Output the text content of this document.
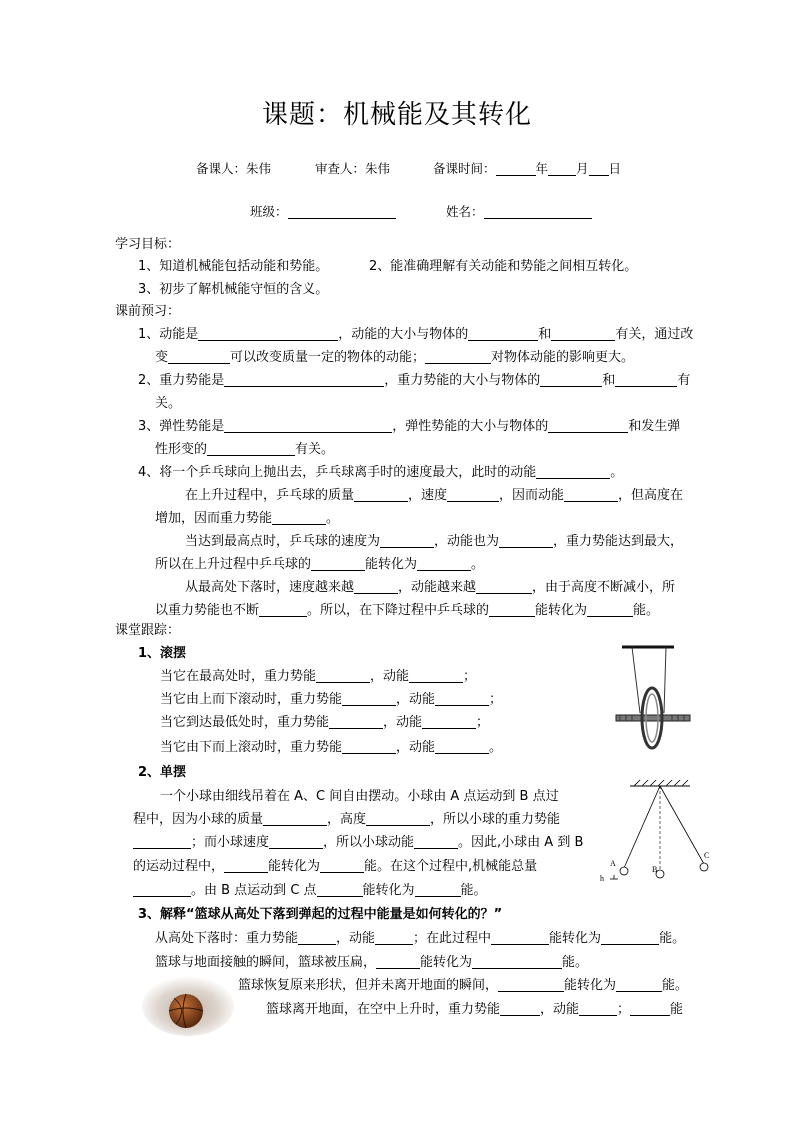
课题：机械能及其转化
备课人：朱伟	审查人：朱伟	备课时间：	年 月 日
班级：	姓名：
学习目标：
1、知道机械能包括动能和势能。	2、能准确理解有关动能和势能之间相互转化。
3、初步了解机械能守恒的含义。
课前预习：
1、动能是	，动能的大小与物体的	和	有关，通过改
变	可以改变质量一定的物体的动能；	对物体动能的影响更大。
2、重力势能是	，重力势能的大小与物体的	和	有
关。
3、弹性势能是	，弹性势能的大小与物体的	和发生弹
性形变的	有关。
4、将一个乒乓球向上抛出去，乒乓球离手时的速度最大，此时的动能	。
在上升过程中，乒乓球的质量	，速度	，因而动能	，但高度在
增加，因而重力势能	。
当达到最高点时，乒乓球的速度为	，动能也为	，重力势能达到最大，
所以在上升过程中乒乓球的	能转化为	。
从最高处下落时，速度越来越	，动能越来越	，由于高度不断减小，所
以重力势能也不断	。所以，在下降过程中乒乓球的	能转化为	能。
课堂跟踪：
1、滚摆
当它在最高处时，重力势能	，动能	；
当它由上而下滚动时，重力势能	，动能	；
当它到达最低处时，重力势能	，动能	；
当它由下而上滚动时，重力势能	，动能	。
2、单摆
一个小球由细线吊着在 A、C 间自由摆动。小球由 A 点运动到 B 点过
程中，因为小球的质量	，高度	，所以小球的重力势能
；而小球速度	，所以小球动能	。因此,小球由 A 到 B
的运动过程中，	能转化为	能。在这个过程中,机械能总量
。由 B 点运动到 C 点	能转化为	能。
A
B
C
h
3、解释“篮球从高处下落到弹起的过程中能量是如何转化的？”
从高处下落时：重力势能	，动能	；在此过程中	能转化为	能。
篮球与地面接触的瞬间，篮球被压扁，	能转化为	能。
篮球恢复原来形状，但并未离开地面的瞬间，	能转化为	能。
篮球离开地面，在空中上升时，重力势能	，动能	；	能
